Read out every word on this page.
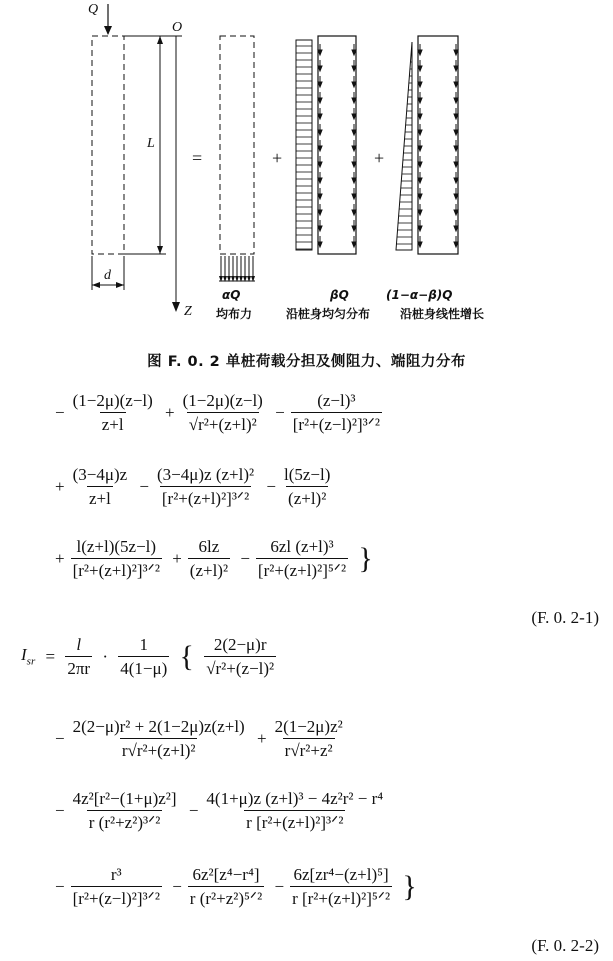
Q
O
L
d
Z
=	+	+
αQ
均布力
βQ
沿桩身均匀分布
(1−α−β)Q
沿桩身线性增长
图 F. 0. 2 单桩荷载分担及侧阻力、端阻力分布
− $\frac{(1-2\mu)(z-l)}{z+l} + \frac{(1-2\mu)(z-l)}{\text{√r²+(z+l)²}} - \frac{\text{(z−l)³}}{\text{[r²+(z−l)²]³ᐟ²}}$
+ $\frac{(3-4\mu)z}{z+l} - \frac{\text{(3−4μ)z (z+l)²}}{\text{[r²+(z+l)²]³ᐟ²}} - \frac{l(5z-l)}{\text{(z+l)²}}$
+ $\frac{l(z+l)(5z-l)}{\text{[r²+(z+l)²]³ᐟ²}} + \frac{6lz}{\text{(z+l)²}} - \frac{\text{6zl (z+l)³}}{\text{[r²+(z+l)²]⁵ᐟ²}}$ }
(F. 0. 2-1)
$I_{sr} = \frac{l}{2\pi r} \cdot \frac{1}{4(1-\mu)}$ { $\frac{2(2-\mu)r}{\text{√r²+(z−l)²}}$
− $\frac{\text{2(2−μ)r² + 2(1−2μ)z(z+l)}}{\text{r√r²+(z+l)²}} + \frac{\text{2(1−2μ)z²}}{\text{r√r²+z²}}$
− $\frac{\text{4z²[r²−(1+μ)z²]}}{\text{r (r²+z²)³ᐟ²}} - \frac{\text{4(1+μ)z (z+l)³ − 4z²r² − r⁴}}{\text{r [r²+(z+l)²]³ᐟ²}}$
− $\frac{\text{r³}}{\text{[r²+(z−l)²]³ᐟ²}} - \frac{\text{6z²[z⁴−r⁴]}}{\text{r (r²+z²)⁵ᐟ²}} - \frac{\text{6z[zr⁴−(z+l)⁵]}}{\text{r [r²+(z+l)²]⁵ᐟ²}}$ }
(F. 0. 2-2)
